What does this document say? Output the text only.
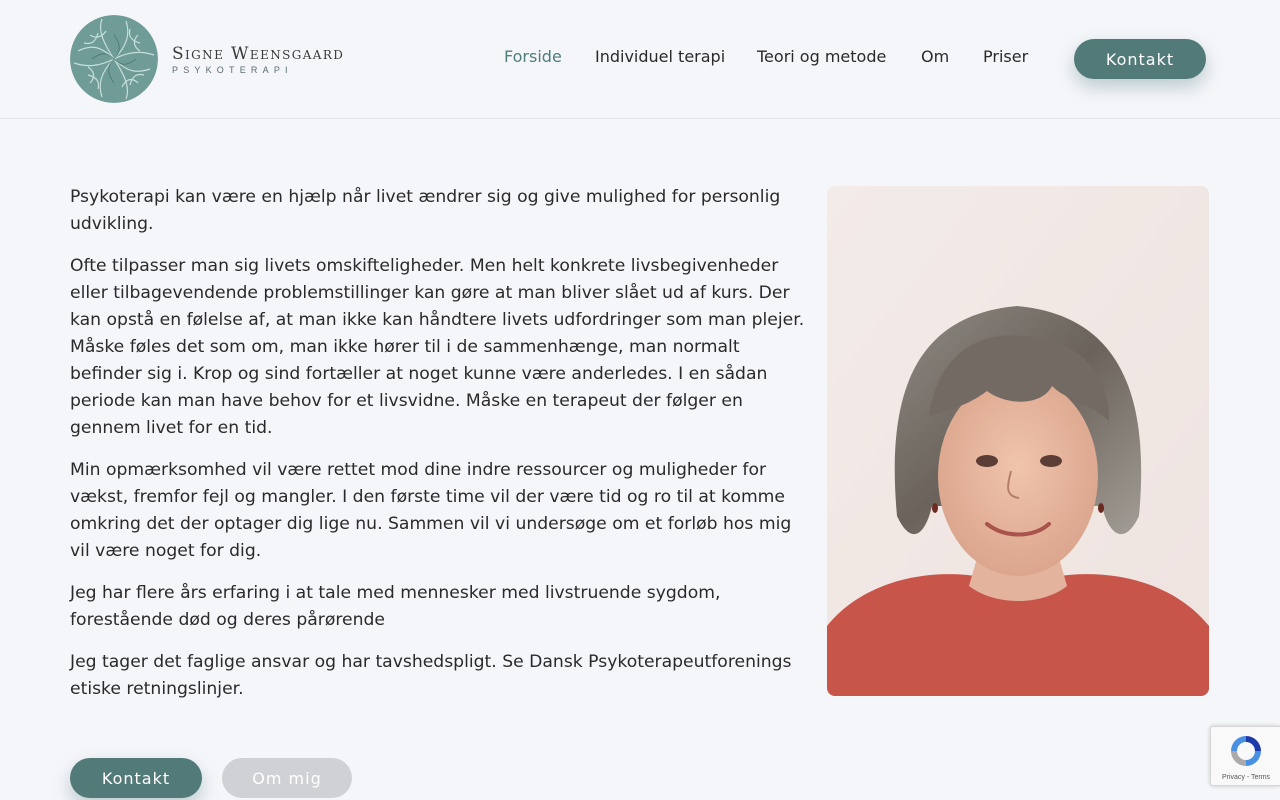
Signe Weensgaard
PSYKOTERAPI
Forside Individuel terapi Teori og metode Om Priser	Kontakt

Psykoterapi kan være en hjælp når livet ændrer sig og give mulighed for personlig udvikling.

Ofte tilpasser man sig livets omskifteligheder. Men helt konkrete livsbegivenheder eller tilbagevendende problemstillinger kan gøre at man bliver slået ud af kurs. Der kan opstå en følelse af, at man ikke kan håndtere livets udfordringer som man plejer. Måske føles det som om, man ikke hører til i de sammenhænge, man normalt befinder sig i. Krop og sind fortæller at noget kunne være anderledes. I en sådan periode kan man have behov for et livsvidne. Måske en terapeut der følger en gennem livet for en tid.

Min opmærksomhed vil være rettet mod dine indre ressourcer og muligheder for vækst, fremfor fejl og mangler. I den første time vil der være tid og ro til at komme omkring det der optager dig lige nu. Sammen vil vi undersøge om et forløb hos mig vil være noget for dig.

Jeg har flere års erfaring i at tale med mennesker med livstruende sygdom, forestående død og deres pårørende

Jeg tager det faglige ansvar og har tavshedspligt. Se Dansk Psykoterapeutforenings etiske retningslinjer.

Kontakt	Om mig	Privacy - Terms
